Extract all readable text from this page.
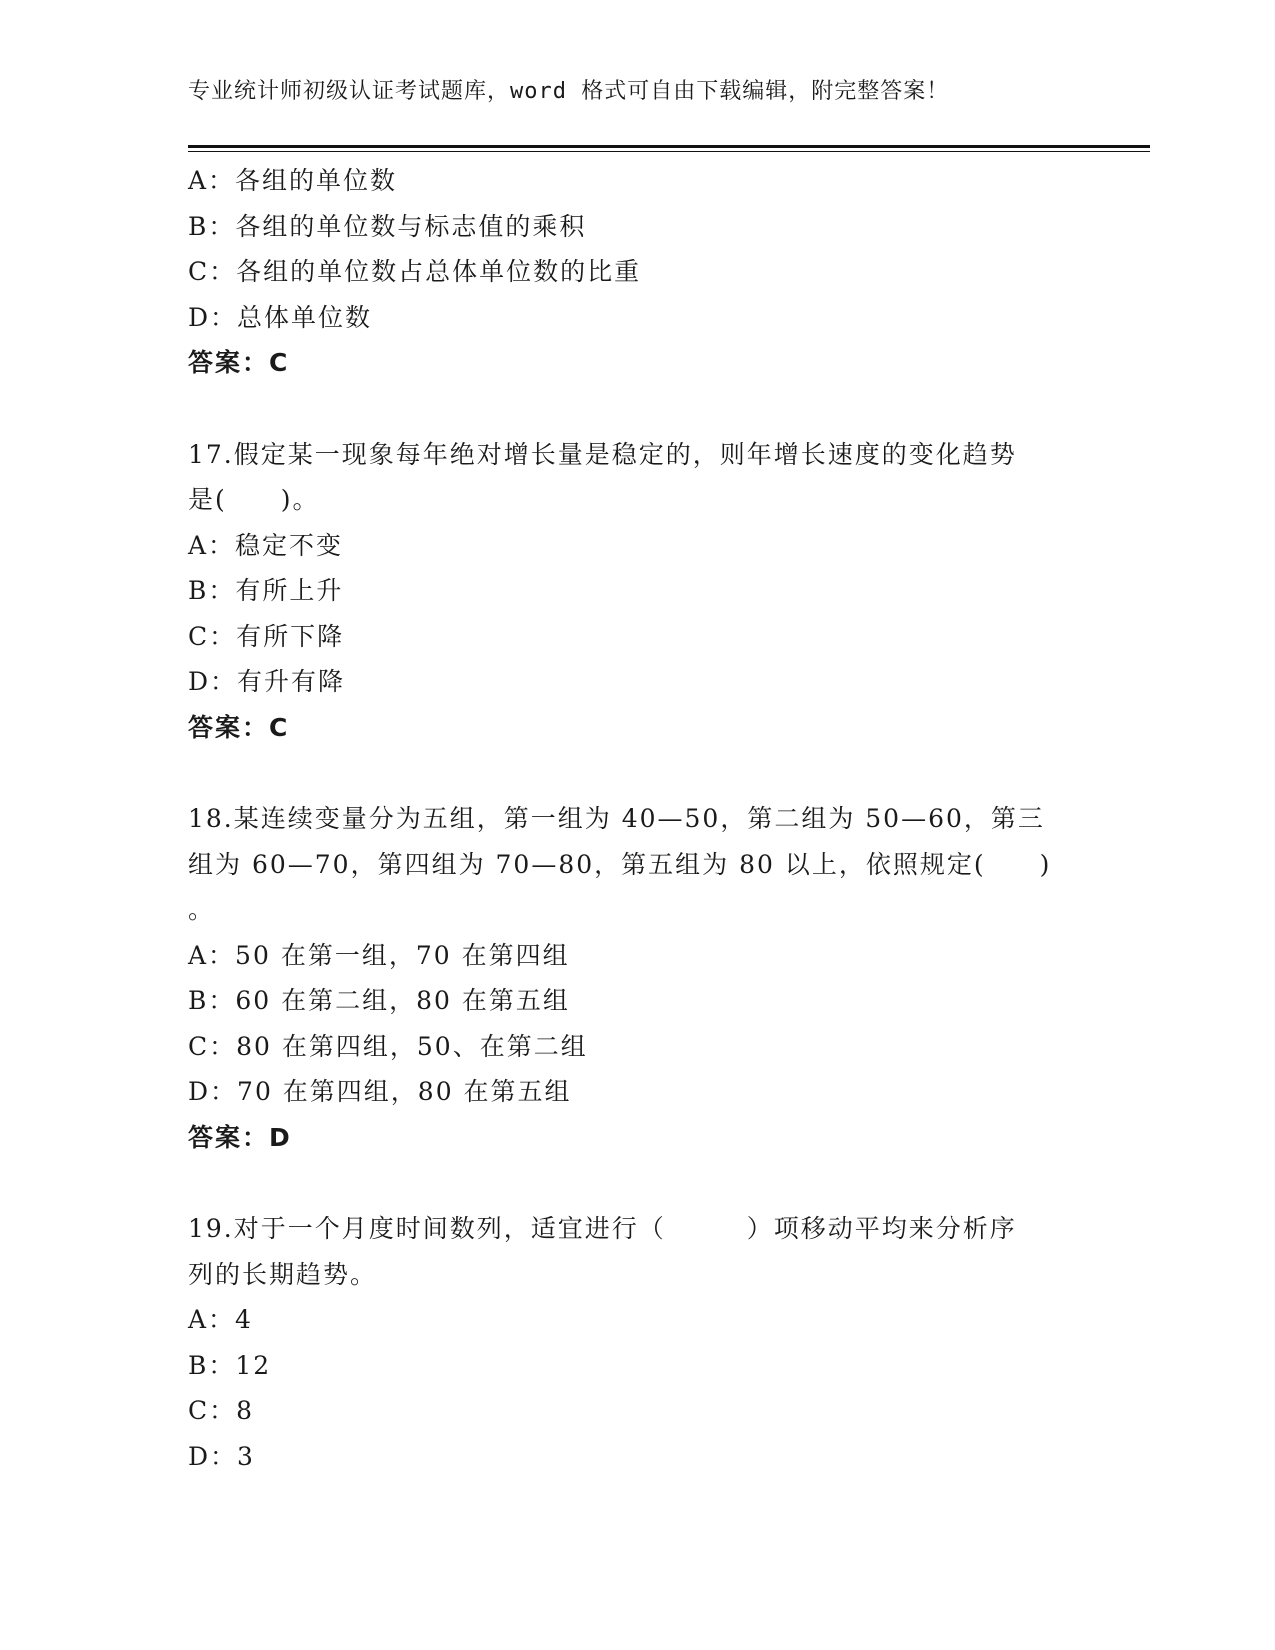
专业统计师初级认证考试题库，word 格式可自由下载编辑，附完整答案！
A：各组的单位数
B：各组的单位数与标志值的乘积
C：各组的单位数占总体单位数的比重
D：总体单位数
答案：C
17.假定某一现象每年绝对增长量是稳定的，则年增长速度的变化趋势
是(　　)。
A：稳定不变
B：有所上升
C：有所下降
D：有升有降
答案：C
18.某连续变量分为五组，第一组为 40—50，第二组为 50—60，第三
组为 60—70，第四组为 70—80，第五组为 80 以上，依照规定(　　)
。
A：50 在第一组，70 在第四组
B：60 在第二组，80 在第五组
C：80 在第四组，50、在第二组
D：70 在第四组，80 在第五组
答案：D
19.对于一个月度时间数列，适宜进行（　　　）项移动平均来分析序
列的长期趋势。
A：4
B：12
C：8
D：3
